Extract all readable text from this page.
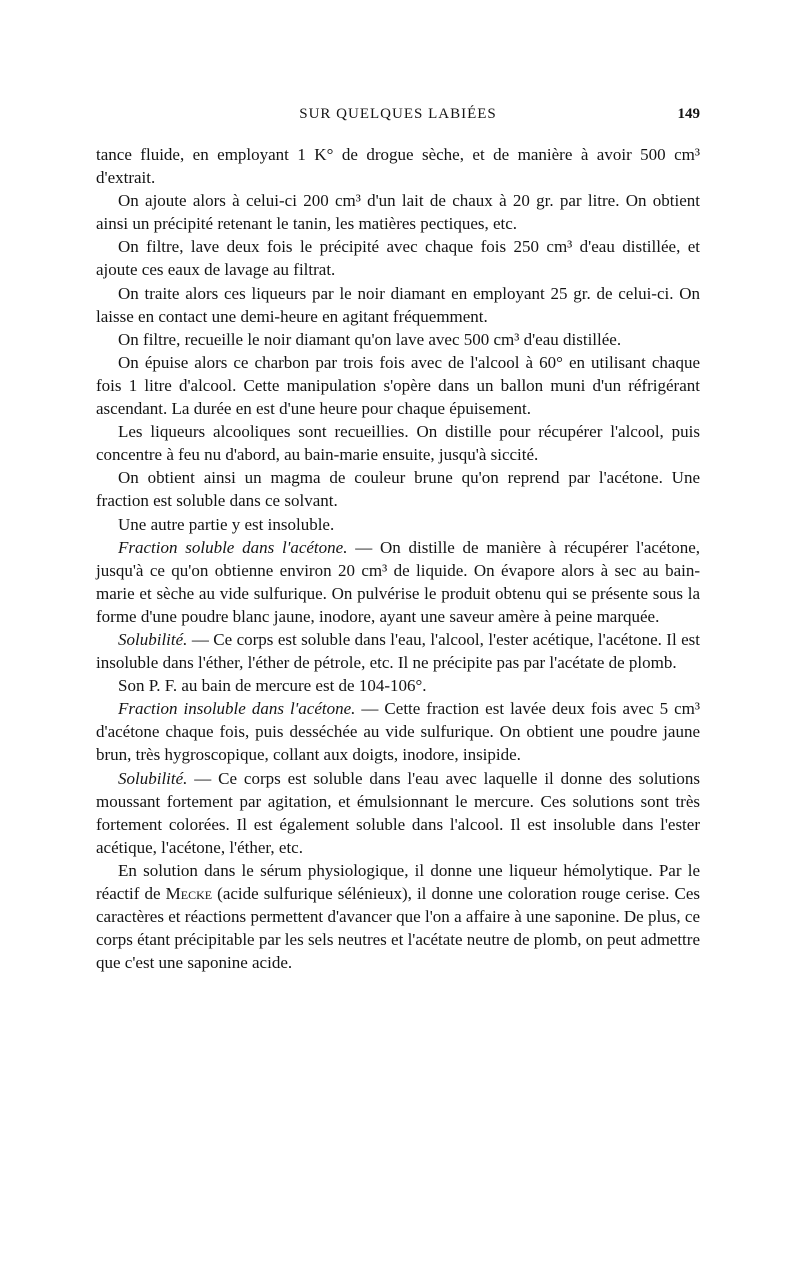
SUR QUELQUES LABIÉES	149

tance fluide, en employant 1 K° de drogue sèche, et de manière à avoir 500 cm³ d'extrait.

On ajoute alors à celui-ci 200 cm³ d'un lait de chaux à 20 gr. par litre. On obtient ainsi un précipité retenant le tanin, les matières pectiques, etc.

On filtre, lave deux fois le précipité avec chaque fois 250 cm³ d'eau distillée, et ajoute ces eaux de lavage au filtrat.

On traite alors ces liqueurs par le noir diamant en employant 25 gr. de celui-ci. On laisse en contact une demi-heure en agitant fréquemment.

On filtre, recueille le noir diamant qu'on lave avec 500 cm³ d'eau distillée.

On épuise alors ce charbon par trois fois avec de l'alcool à 60° en utilisant chaque fois 1 litre d'alcool. Cette manipulation s'opère dans un ballon muni d'un réfrigérant ascendant. La durée en est d'une heure pour chaque épuisement.

Les liqueurs alcooliques sont recueillies. On distille pour récupérer l'alcool, puis concentre à feu nu d'abord, au bain-marie ensuite, jusqu'à siccité.

On obtient ainsi un magma de couleur brune qu'on reprend par l'acétone. Une fraction est soluble dans ce solvant.

Une autre partie y est insoluble.

Fraction soluble dans l'acétone. — On distille de manière à récupérer l'acétone, jusqu'à ce qu'on obtienne environ 20 cm³ de liquide. On évapore alors à sec au bain-marie et sèche au vide sulfurique. On pulvérise le produit obtenu qui se présente sous la forme d'une poudre blanc jaune, inodore, ayant une saveur amère à peine marquée.

Solubilité. — Ce corps est soluble dans l'eau, l'alcool, l'ester acétique, l'acétone. Il est insoluble dans l'éther, l'éther de pétrole, etc. Il ne précipite pas par l'acétate de plomb.

Son P. F. au bain de mercure est de 104-106°.

Fraction insoluble dans l'acétone. — Cette fraction est lavée deux fois avec 5 cm³ d'acétone chaque fois, puis desséchée au vide sulfurique. On obtient une poudre jaune brun, très hygroscopique, collant aux doigts, inodore, insipide.

Solubilité. — Ce corps est soluble dans l'eau avec laquelle il donne des solutions moussant fortement par agitation, et émulsionnant le mercure. Ces solutions sont très fortement colorées. Il est également soluble dans l'alcool. Il est insoluble dans l'ester acétique, l'acétone, l'éther, etc.

En solution dans le sérum physiologique, il donne une liqueur hémolytique. Par le réactif de Mecke (acide sulfurique sélénieux), il donne une coloration rouge cerise. Ces caractères et réactions permettent d'avancer que l'on a affaire à une saponine. De plus, ce corps étant précipitable par les sels neutres et l'acétate neutre de plomb, on peut admettre que c'est une saponine acide.
